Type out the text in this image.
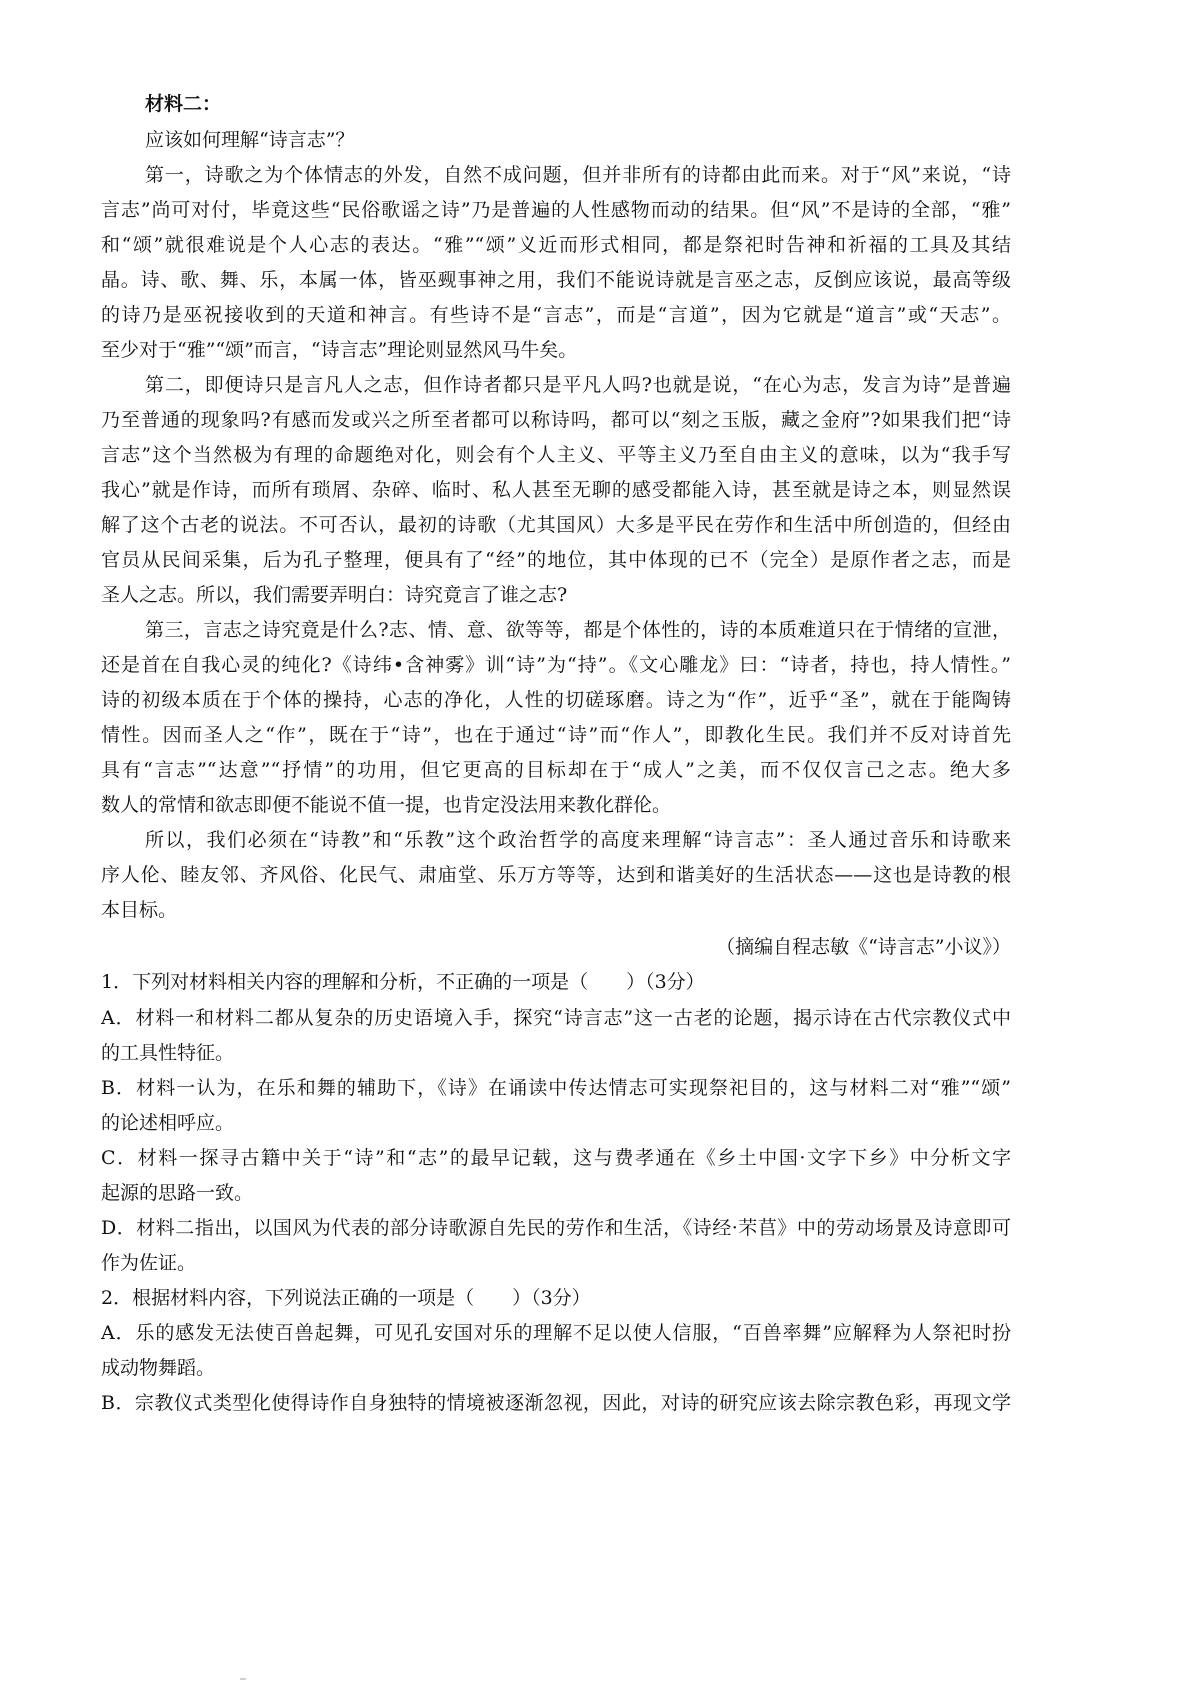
材料二：

应该如何理解“诗言志”？

第一，诗歌之为个体情志的外发，自然不成问题，但并非所有的诗都由此而来。对于“风”来说，“诗

言志”尚可对付，毕竟这些“民俗歌谣之诗”乃是普遍的人性感物而动的结果。但“风”不是诗的全部，“雅”

和“颂”就很难说是个人心志的表达。“雅”“颂”义近而形式相同，都是祭祀时告神和祈福的工具及其结

晶。诗、歌、舞、乐，本属一体，皆巫觋事神之用，我们不能说诗就是言巫之志，反倒应该说，最高等级

的诗乃是巫祝接收到的天道和神言。有些诗不是“言志”，而是“言道”，因为它就是“道言”或“天志”。

至少对于“雅”“颂”而言，“诗言志”理论则显然风马牛矣。

第二，即便诗只是言凡人之志，但作诗者都只是平凡人吗?也就是说，“在心为志，发言为诗”是普遍

乃至普通的现象吗?有感而发或兴之所至者都可以称诗吗，都可以“刻之玉版，藏之金府”?如果我们把“诗

言志”这个当然极为有理的命题绝对化，则会有个人主义、平等主义乃至自由主义的意味，以为“我手写

我心”就是作诗，而所有琐屑、杂碎、临时、私人甚至无聊的感受都能入诗，甚至就是诗之本，则显然误

解了这个古老的说法。不可否认，最初的诗歌（尤其国风）大多是平民在劳作和生活中所创造的，但经由

官员从民间采集，后为孔子整理，便具有了“经”的地位，其中体现的已不（完全）是原作者之志，而是

圣人之志。所以，我们需要弄明白：诗究竟言了谁之志?

第三，言志之诗究竟是什么?志、情、意、欲等等，都是个体性的，诗的本质难道只在于情绪的宣泄，

还是首在自我心灵的纯化?《诗纬•含神雾》训“诗”为“持”。《文心雕龙》曰：“诗者，持也，持人情性。”

诗的初级本质在于个体的操持，心志的净化，人性的切磋琢磨。诗之为“作”，近乎“圣”，就在于能陶铸

情性。因而圣人之“作”，既在于“诗”，也在于通过“诗”而“作人”，即教化生民。我们并不反对诗首先

具有“言志”“达意”“抒情”的功用，但它更高的目标却在于“成人”之美，而不仅仅言己之志。绝大多

数人的常情和欲志即便不能说不值一提，也肯定没法用来教化群伦。

所以，我们必须在“诗教”和“乐教”这个政治哲学的高度来理解“诗言志”：圣人通过音乐和诗歌来

序人伦、睦友邻、齐风俗、化民气、肃庙堂、乐万方等等，达到和谐美好的生活状态——这也是诗教的根

本目标。

（摘编自程志敏《“诗言志”小议》）

1．下列对材料相关内容的理解和分析，不正确的一项是（　　）（3分）

A．材料一和材料二都从复杂的历史语境入手，探究“诗言志”这一古老的论题，揭示诗在古代宗教仪式中

的工具性特征。

B．材料一认为，在乐和舞的辅助下，《诗》在诵读中传达情志可实现祭祀目的，这与材料二对“雅”“颂”

的论述相呼应。

C．材料一探寻古籍中关于“诗”和“志”的最早记载，这与费孝通在《乡土中国·文字下乡》中分析文字

起源的思路一致。

D．材料二指出，以国风为代表的部分诗歌源自先民的劳作和生活，《诗经·芣苢》中的劳动场景及诗意即可

作为佐证。

2．根据材料内容，下列说法正确的一项是（　　）（3分）

A．乐的感发无法使百兽起舞，可见孔安国对乐的理解不足以使人信服，“百兽率舞”应解释为人祭祀时扮

成动物舞蹈。

B．宗教仪式类型化使得诗作自身独特的情境被逐渐忽视，因此，对诗的研究应该去除宗教色彩，再现文学
